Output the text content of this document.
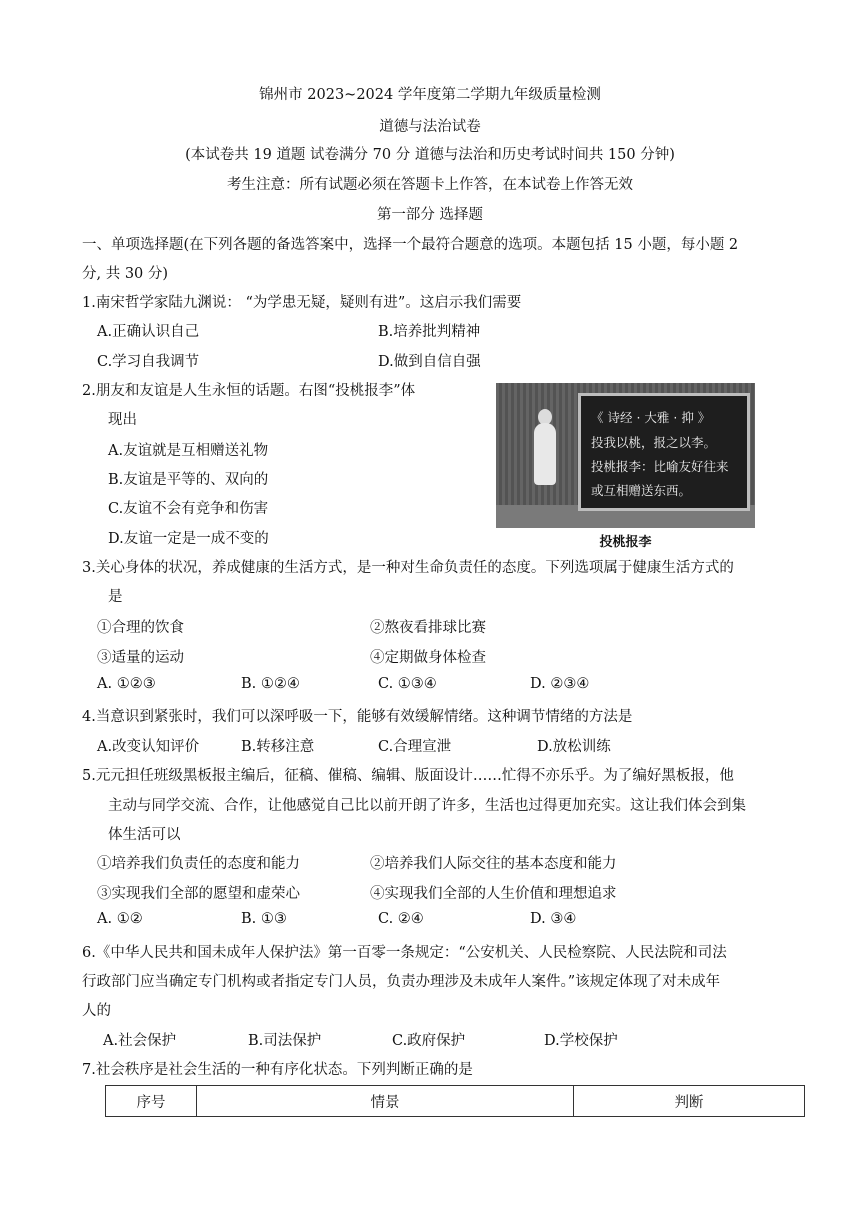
锦州市 2023~2024 学年度第二学期九年级质量检测
道德与法治试卷
(本试卷共 19 道题 试卷满分 70 分 道德与法治和历史考试时间共 150 分钟)
考生注意：所有试题必须在答题卡上作答，在本试卷上作答无效
第一部分 选择题
一、单项选择题(在下列各题的备选答案中，选择一个最符合题意的选项。本题包括 15 小题，每小题 2
分, 共 30 分)
1.南宋哲学家陆九渊说： “为学患无疑，疑则有进”。这启示我们需要
A.正确认识自己	B.培养批判精神
C.学习自我调节	D.做到自信自强
2.朋友和友谊是人生永恒的话题。右图“投桃报李”体
现出
A.友谊就是互相赠送礼物
B.友谊是平等的、双向的
C.友谊不会有竞争和伤害
D.友谊一定是一成不变的
《 诗经 · 大雅 · 抑 》
投我以桃，报之以李。
投桃报李：比喻友好往来
或互相赠送东西。
投桃报李
3.关心身体的状况，养成健康的生活方式，是一种对生命负责任的态度。下列选项属于健康生活方式的
是
①合理的饮食	②熬夜看排球比赛
③适量的运动	④定期做身体检查
A. ①②③	B. ①②④	C. ①③④	D. ②③④
4.当意识到紧张时，我们可以深呼吸一下，能够有效缓解情绪。这种调节情绪的方法是
A.改变认知评价	B.转移注意	C.合理宣泄	D.放松训练
5.元元担任班级黑板报主编后，征稿、催稿、编辑、版面设计……忙得不亦乐乎。为了编好黑板报，他
主动与同学交流、合作，让他感觉自己比以前开朗了许多，生活也过得更加充实。这让我们体会到集
体生活可以
①培养我们负责任的态度和能力	②培养我们人际交往的基本态度和能力
③实现我们全部的愿望和虚荣心	④实现我们全部的人生价值和理想追求
A. ①②	B. ①③	C. ②④	D. ③④
6.《中华人民共和国未成年人保护法》第一百零一条规定：“公安机关、人民检察院、人民法院和司法
行政部门应当确定专门机构或者指定专门人员，负责办理涉及未成年人案件。”该规定体现了对未成年
人的
A.社会保护	B.司法保护	C.政府保护	D.学校保护
7.社会秩序是社会生活的一种有序化状态。下列判断正确的是
序号	情景	判断
